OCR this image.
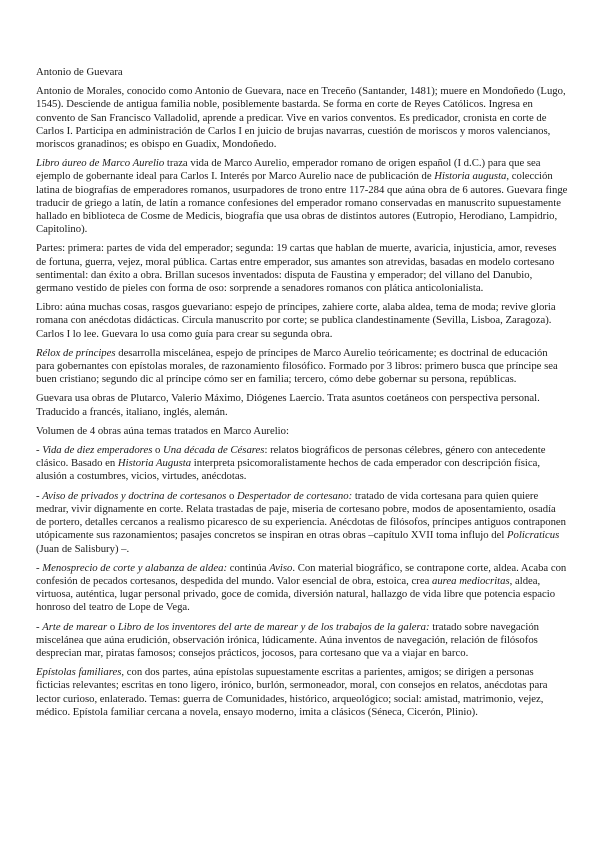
Antonio de Guevara

Antonio de Morales, conocido como Antonio de Guevara, nace en Treceño (Santander, 1481); muere en Mondoñedo (Lugo, 1545). Desciende de antigua familia noble, posiblemente bastarda. Se forma en corte de Reyes Católicos. Ingresa en convento de San Francisco Valladolid, aprende a predicar. Vive en varios conventos. Es predicador, cronista en corte de Carlos I. Participa en administración de Carlos I en juicio de brujas navarras, cuestión de moriscos y moros valencianos, moriscos granadinos; es obispo en Guadix, Mondoñedo.

Libro áureo de Marco Aurelio traza vida de Marco Aurelio, emperador romano de origen español (I d.C.) para que sea ejemplo de gobernante ideal para Carlos I. Interés por Marco Aurelio nace de publicación de Historia augusta, colección latina de biografías de emperadores romanos, usurpadores de trono entre 117-284 que aúna obra de 6 autores. Guevara finge traducir de griego a latín, de latín a romance confesiones del emperador romano conservadas en manuscrito supuestamente hallado en biblioteca de Cosme de Medicis, biografía que usa obras de distintos autores (Eutropio, Herodiano, Lampidrio, Capitolino).

Partes: primera: partes de vida del emperador; segunda: 19 cartas que hablan de muerte, avaricia, injusticia, amor, reveses de fortuna, guerra, vejez, moral pública. Cartas entre emperador, sus amantes son atrevidas, basadas en modelo cortesano sentimental: dan éxito a obra. Brillan sucesos inventados: disputa de Faustina y emperador; del villano del Danubio, germano vestido de pieles con forma de oso: sorprende a senadores romanos con plática anticolonialista.

Libro: aúna muchas cosas, rasgos guevariano: espejo de príncipes, zahiere corte, alaba aldea, tema de moda; revive gloria romana con anécdotas didácticas. Circula manuscrito por corte; se publica clandestinamente (Sevilla, Lisboa, Zaragoza). Carlos I lo lee. Guevara lo usa como guía para crear su segunda obra.

Rélox de príncipes desarrolla miscelánea, espejo de príncipes de Marco Aurelio teóricamente; es doctrinal de educación para gobernantes con epístolas morales, de razonamiento filosófico. Formado por 3 libros: primero busca que príncipe sea buen cristiano; segundo dic al príncipe cómo ser en familia; tercero, cómo debe gobernar su persona, repúblicas.

Guevara usa obras de Plutarco, Valerio Máximo, Diógenes Laercio. Trata asuntos coetáneos con perspectiva personal. Traducido a francés, italiano, inglés, alemán.

Volumen de 4 obras aúna temas tratados en Marco Aurelio:

- Vida de diez emperadores o Una década de Césares: relatos biográficos de personas célebres, género con antecedente clásico. Basado en Historia Augusta interpreta psicomoralistamente hechos de cada emperador con descripción física, alusión a costumbres, vicios, virtudes, anécdotas.

- Aviso de privados y doctrina de cortesanos o Despertador de cortesano: tratado de vida cortesana para quien quiere medrar, vivir dignamente en corte. Relata trastadas de paje, miseria de cortesano pobre, modos de aposentamiento, osadía de portero, detalles cercanos a realismo picaresco de su experiencia. Anécdotas de filósofos, príncipes antiguos contraponen utópicamente sus razonamientos; pasajes concretos se inspiran en otras obras –capítulo XVII toma influjo del Policraticus (Juan de Salisbury) –.

- Menosprecio de corte y alabanza de aldea: continúa Aviso. Con material biográfico, se contrapone corte, aldea. Acaba con confesión de pecados cortesanos, despedida del mundo. Valor esencial de obra, estoica, crea aurea mediocritas, aldea, virtuosa, auténtica, lugar personal privado, goce de comida, diversión natural, hallazgo de vida libre que potencia espacio honroso del teatro de Lope de Vega.

- Arte de marear o Libro de los inventores del arte de marear y de los trabajos de la galera: tratado sobre navegación miscelánea que aúna erudición, observación irónica, lúdicamente. Aúna inventos de navegación, relación de filósofos desprecian mar, piratas famosos; consejos prácticos, jocosos, para cortesano que va a viajar en barco.

Epístolas familiares, con dos partes, aúna epístolas supuestamente escritas a parientes, amigos; se dirigen a personas ficticias relevantes; escritas en tono ligero, irónico, burlón, sermoneador, moral, con consejos en relatos, anécdotas para lector curioso, enlaterado. Temas: guerra de Comunidades, histórico, arqueológico; social: amistad, matrimonio, vejez, médico. Epístola familiar cercana a novela, ensayo moderno, imita a clásicos (Séneca, Cicerón, Plinio).
